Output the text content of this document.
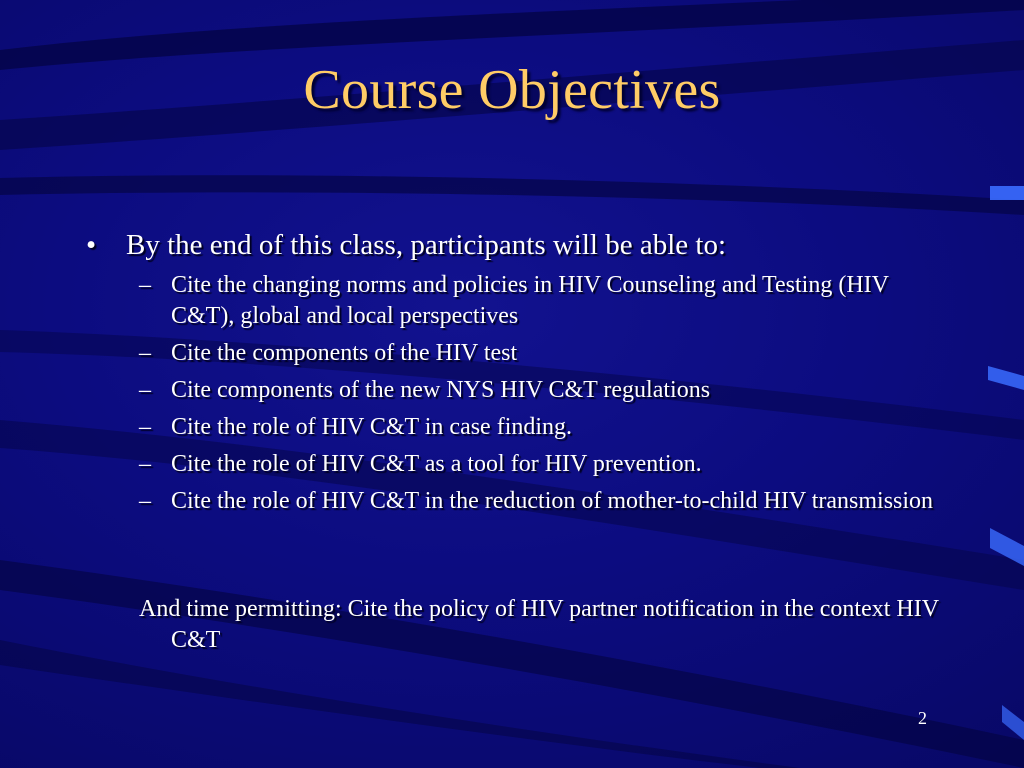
Course Objectives
• By the end of this class, participants will be able to:
– Cite the changing norms and policies in HIV Counseling and Testing (HIV C&T), global and local perspectives
– Cite the components of the HIV test
– Cite components of the new NYS HIV C&T regulations
– Cite the role of HIV C&T in case finding.
– Cite the role of HIV C&T as a tool for HIV prevention.
– Cite the role of HIV C&T in the reduction of mother-to-child HIV transmission
And time permitting: Cite the policy of HIV partner notification in the context HIV C&T
2
